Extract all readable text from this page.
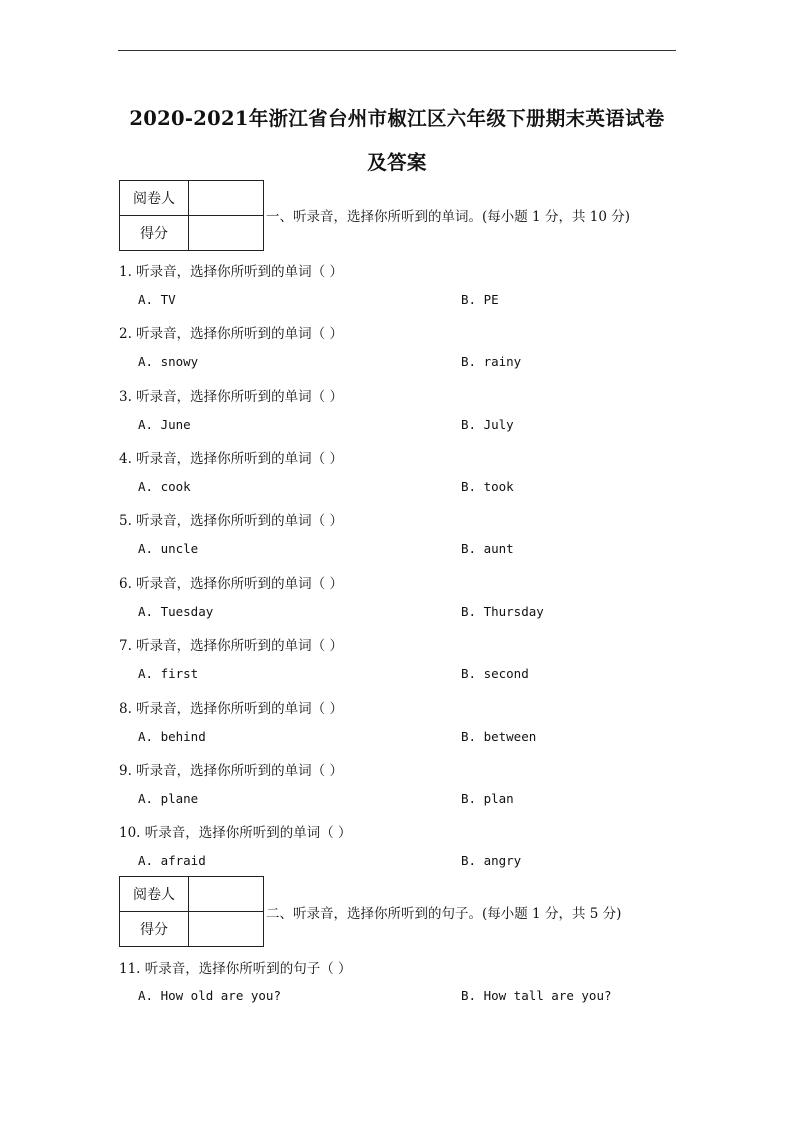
2020-2021年浙江省台州市椒江区六年级下册期末英语试卷
及答案
阅卷人	
得分	
一、听录音，选择你所听到的单词。(每小题 1 分，共 10 分)
1. 听录音，选择你所听到的单词（ ）
A. TV	B. PE
2. 听录音，选择你所听到的单词（ ）
A. snowy	B. rainy
3. 听录音，选择你所听到的单词（ ）
A. June	B. July
4. 听录音，选择你所听到的单词（ ）
A. cook	B. took
5. 听录音，选择你所听到的单词（ ）
A. uncle	B. aunt
6. 听录音，选择你所听到的单词（ ）
A. Tuesday	B. Thursday
7. 听录音，选择你所听到的单词（ ）
A. first	B. second
8. 听录音，选择你所听到的单词（ ）
A. behind	B. between
9. 听录音，选择你所听到的单词（ ）
A. plane	B. plan
10. 听录音，选择你所听到的单词（ ）
A. afraid	B. angry
阅卷人	
得分	
二、听录音，选择你所听到的句子。(每小题 1 分，共 5 分)
11. 听录音，选择你所听到的句子（ ）
A. How old are you?	B. How tall are you?
